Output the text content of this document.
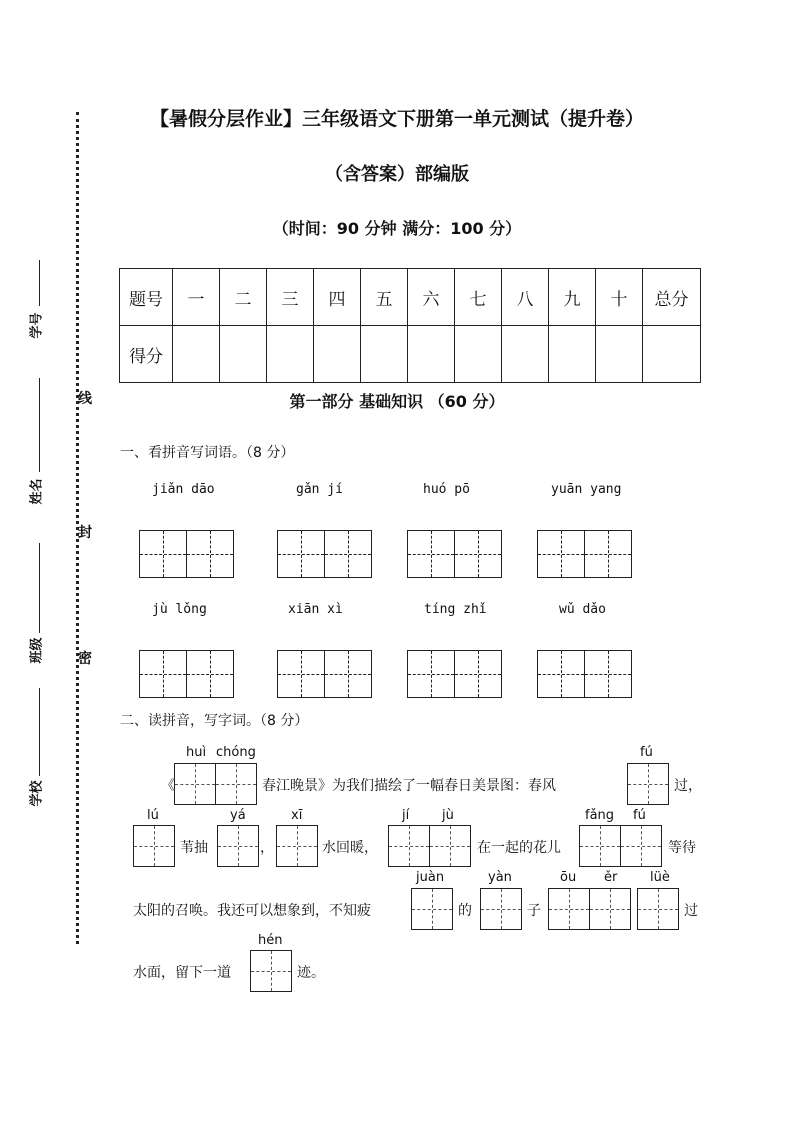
【暑假分层作业】三年级语文下册第一单元测试（提升卷）
（含答案）部编版
（时间：90 分钟 满分：100 分）
线
封
密
学号
姓名
班级
学校
题号	一	二	三	四	五	六	七	八	九	十	总分
得分											
第一部分 基础知识 （60 分）
一、看拼音写词语。（8 分）
jiǎn dāo	gǎn jí	huó pō	yuān yang
jù lǒng	xiān xì	tíng zhǐ	wǔ dǎo
二、读拼音，写字词。（8 分）
《
huì chóng
春江晚景》为我们描绘了一幅春日美景图：春风
fú
过，
lú
苇抽
yá
，
xī
水回暖，
jí	jù
在一起的花儿
fǎng fú
等待
太阳的召唤。我还可以想象到，不知疲
juàn
的
yàn
子
ōu ěr	lüè
过
水面，留下一道
hén
迹。
